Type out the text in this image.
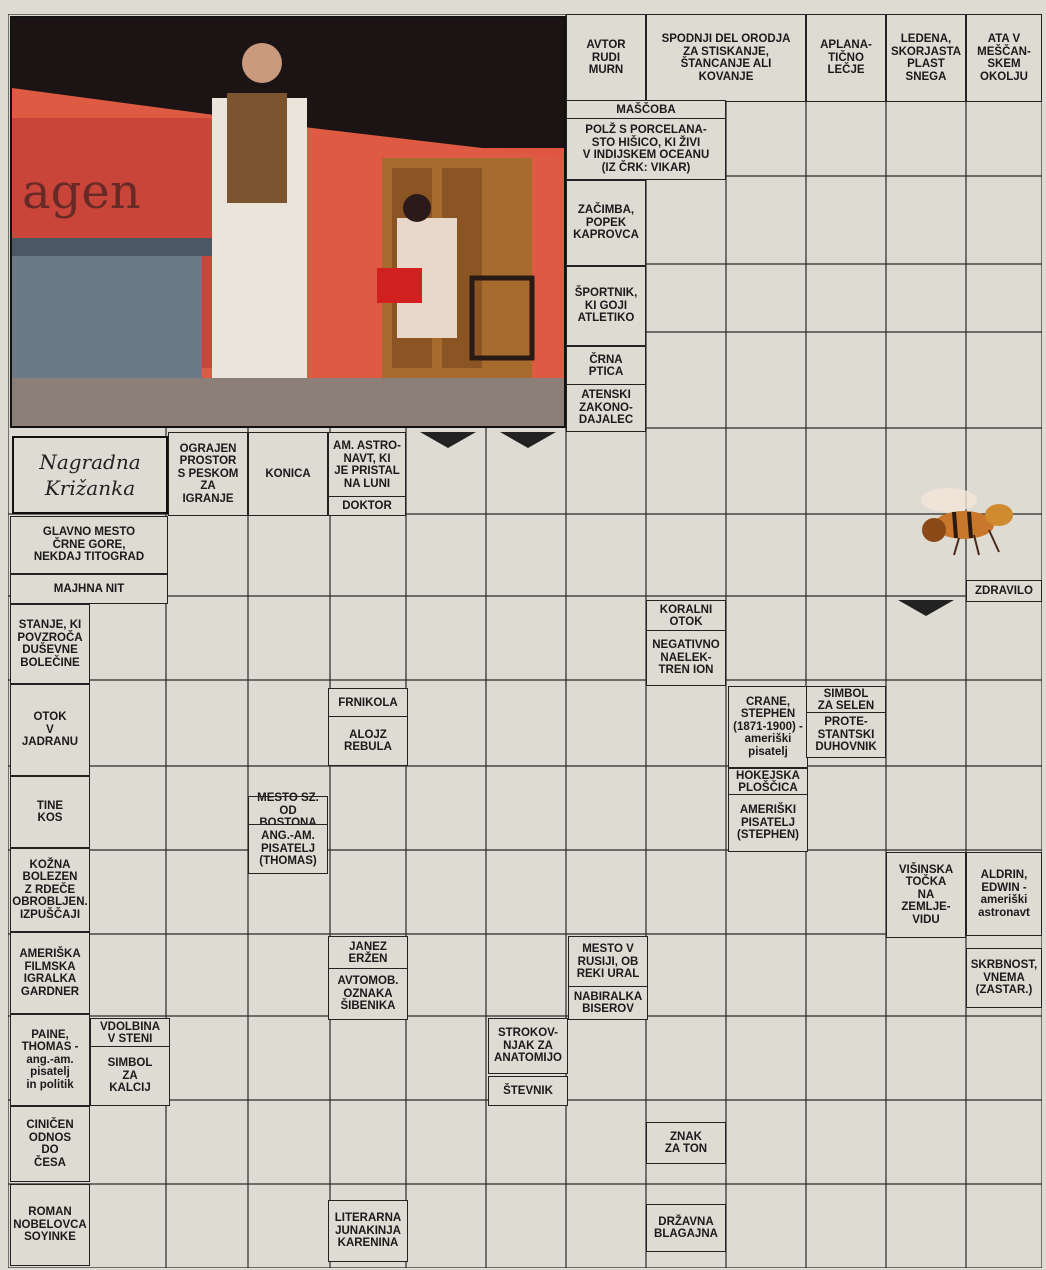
agen
AVTOR
RUDI
MURN
SPODNJI DEL ORODJA
ZA STISKANJE,
ŠTANCANJE ALI
KOVANJE
APLANA-
TIČNO
LEČJE
LEDENA,
SKORJASTA
PLAST
SNEGA
ATA V
MEŠČAN-
SKEM
OKOLJU
MAŠČOBA
POLŽ S PORCELANA-
STO HIŠICO, KI ŽIVI
V INDIJSKEM OCEANU
(IZ ČRK: VIKAR)
ZAČIMBA,
POPEK
KAPROVCA
ŠPORTNIK,
KI GOJI
ATLETIKO
ČRNA
PTICA
ATENSKI
ZAKONO-
DAJALEC
Nagradna
Križanka
OGRAJEN
PROSTOR
S PESKOM
ZA
IGRANJE
KONICA
AM. ASTRO-
NAVT, KI
JE PRISTAL
NA LUNI
DOKTOR
GLAVNO MESTO
ČRNE GORE,
NEKDAJ TITOGRAD
MAJHNA NIT
STANJE, KI
POVZROČA
DUŠEVNE
BOLEČINE
KORALNI
OTOK
NEGATIVNO
NAELEK-
TREN ION
ZDRAVILO
OTOK
V
JADRANU
FRNIKOLA
ALOJZ
REBULA
CRANE,
STEPHEN
(1871-1900) -
ameriški
pisatelj
SIMBOL
ZA SELEN
PROTE-
STANTSKI
DUHOVNIK
HOKEJSKA
PLOŠČICA
AMERIŠKI
PISATELJ
(STEPHEN)
TINE
KOS
MESTO SZ.
OD
ANG.-AM.
PISATELJ
(THOMAS)
KOŽNA
BOLEZEN
Z RDEČE
OBROBLJEN.
IZPUŠČAJI
VIŠINSKA
TOČKA
NA
ZEMLJE-
VIDU
ALDRIN,
EDWIN -
ameriški
astronavt
AMERIŠKA
FILMSKA
IGRALKA
GARDNER
JANEZ
ERŽEN
AVTOMOB.
OZNAKA
ŠIBENIKA
MESTO V
RUSIJI, OB
REKI URAL
NABIRALKA
BISEROV
SKRBNOST,
VNEMA
(ZASTAR.)
PAINE,
THOMAS -
ang.-am.
pisatelj
in politik
VDOLBINA
V STENI
SIMBOL
ZA
KALCIJ
STROKOV-
NJAK ZA
ANATOMIJO
ŠTEVNIK
CINIČEN
ODNOS
DO
ČESA
ZNAK
ZA TON
ROMAN
NOBELOVCA
SOYINKE
LITERARNA
JUNAKINJA
KARENINA
DRŽAVNA
BLAGAJNA
